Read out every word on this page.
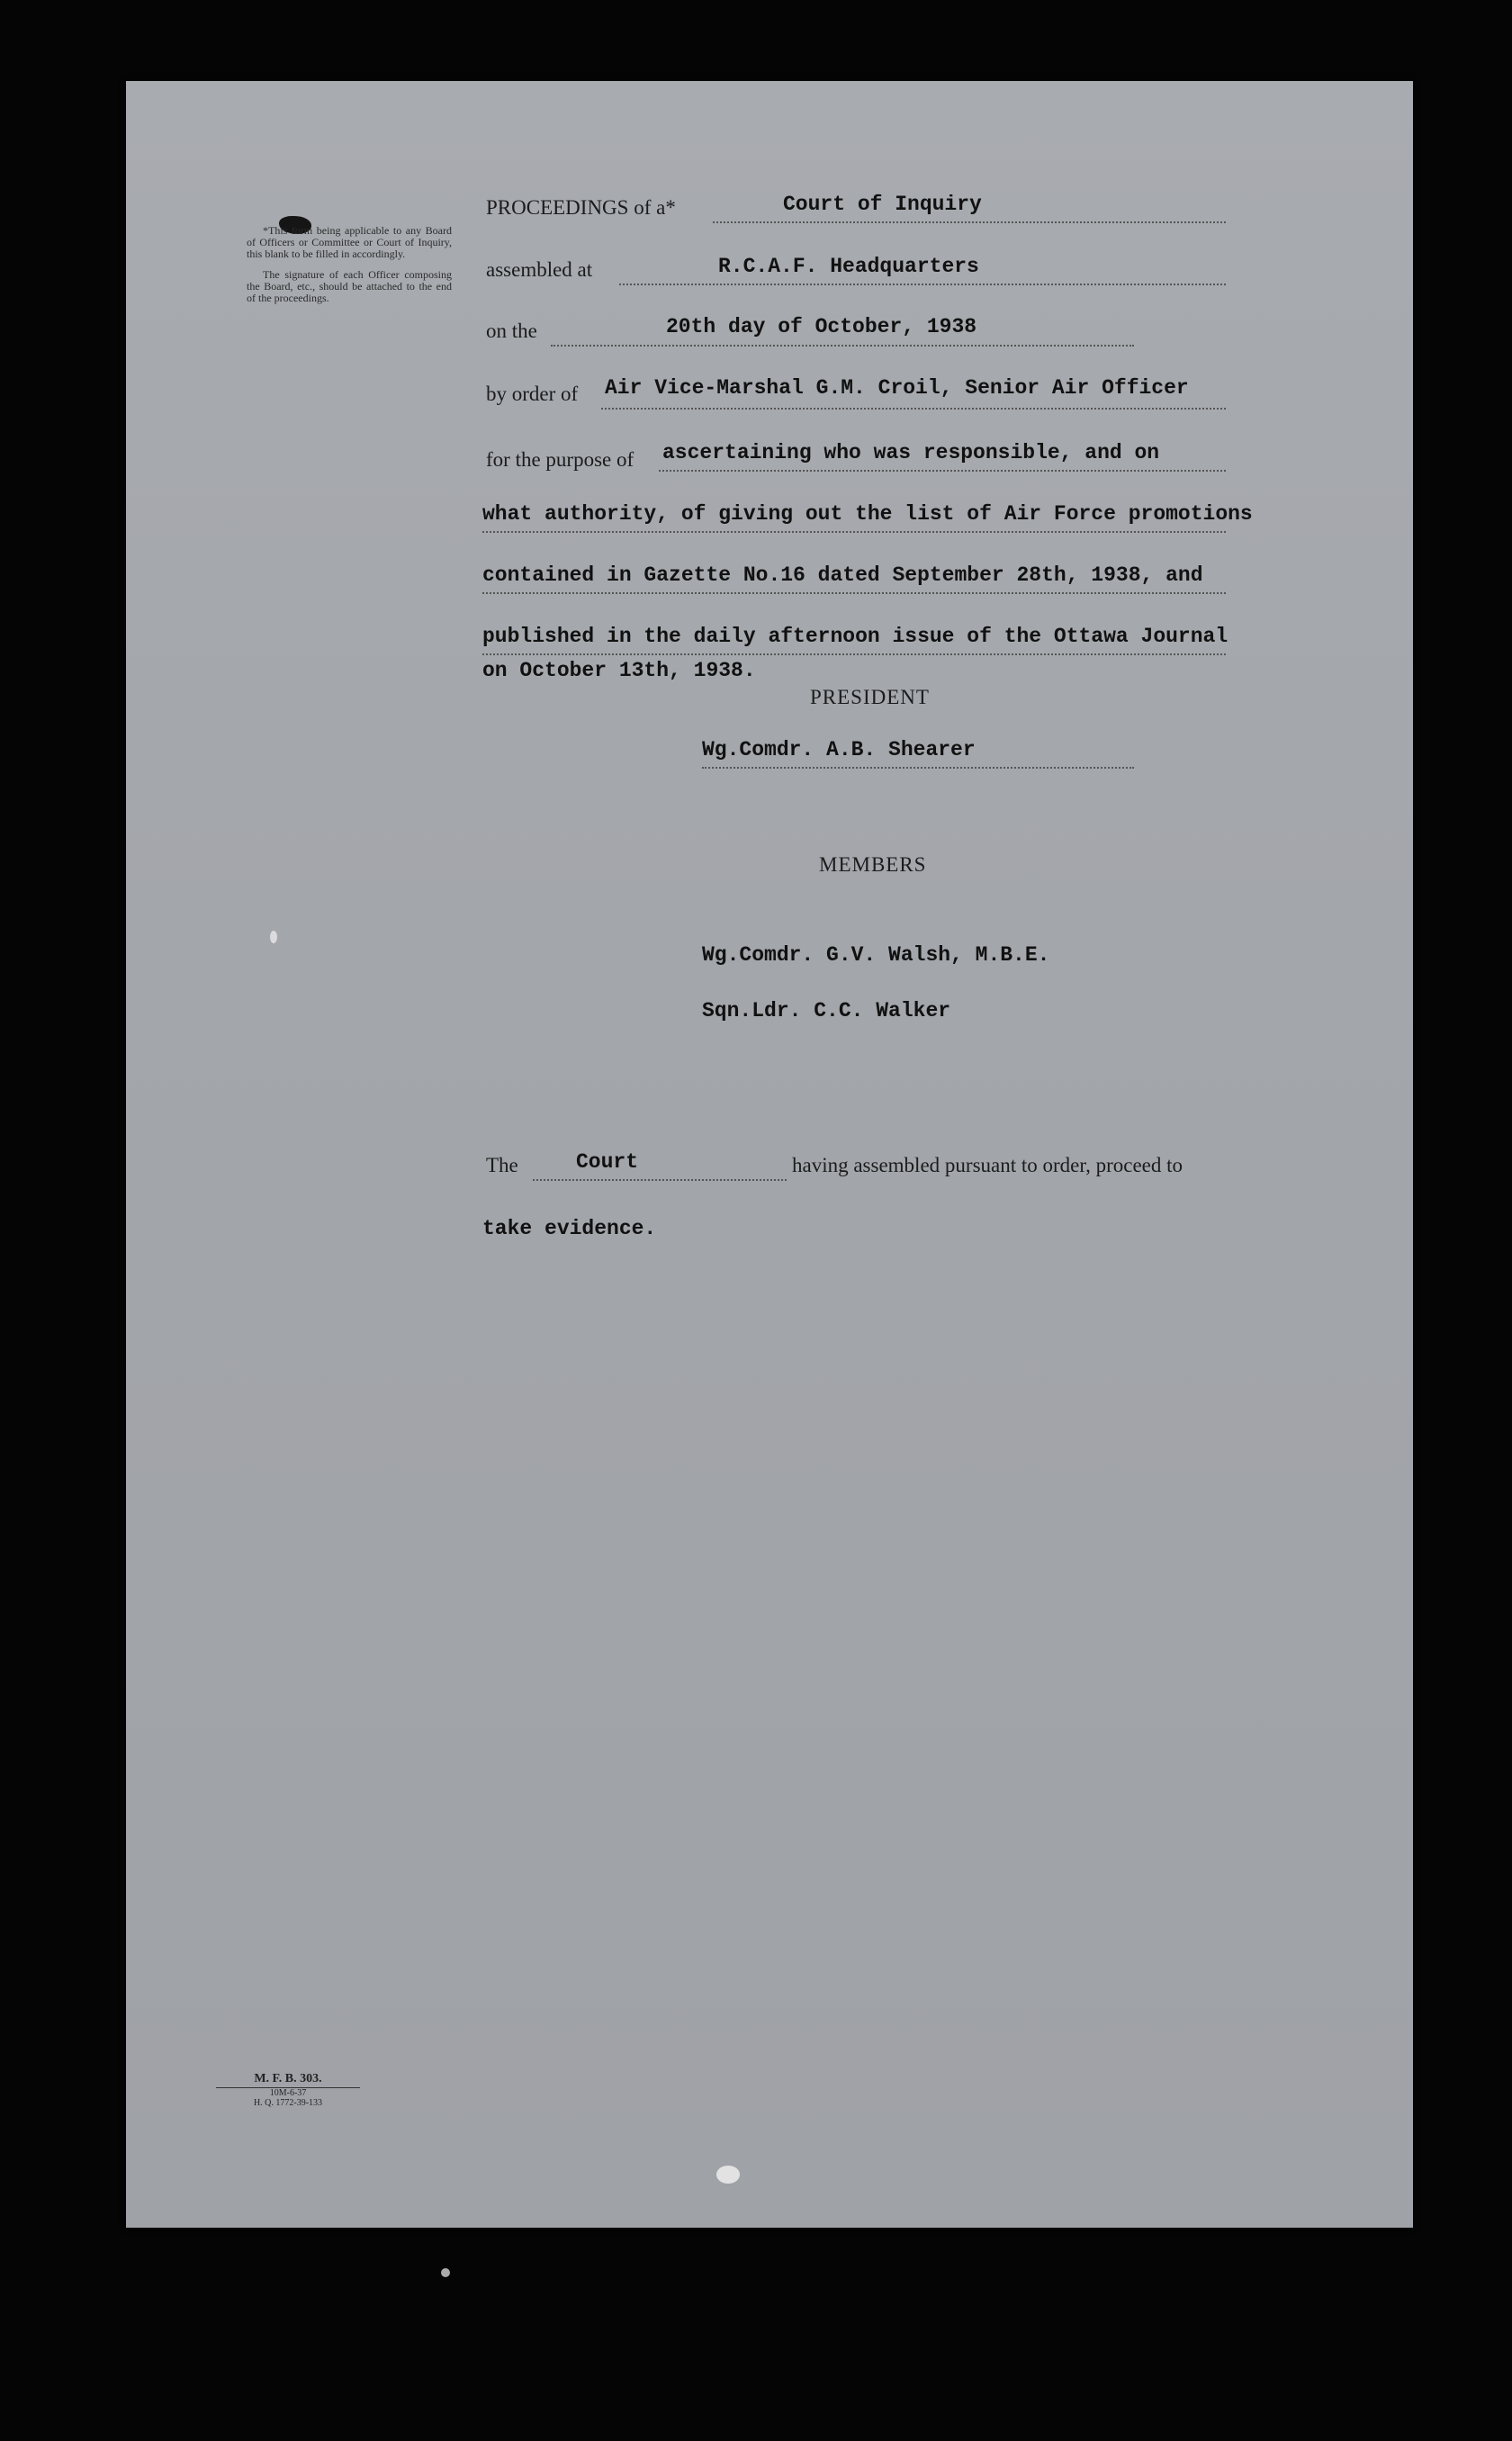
*This form being applicable to any Board of Officers or Committee or Court of Inquiry, this blank to be filled in accordingly.

The signature of each Officer composing the Board, etc., should be attached to the end of the proceedings.

PROCEEDINGS of a*	Court of Inquiry
assembled at	R.C.A.F. Headquarters
on the	20th day of October, 1938
by order of Air Vice-Marshal G.M. Croil, Senior Air Officer
for the purpose of ascertaining who was responsible, and on
what authority, of giving out the list of Air Force promotions
contained in Gazette No.16 dated September 28th, 1938, and
published in the daily afternoon issue of the Ottawa Journal
on October 13th, 1938.
PRESIDENT
Wg.Comdr. A.B. Shearer
MEMBERS
Wg.Comdr. G.V. Walsh, M.B.E.
Sqn.Ldr. C.C. Walker
The	Court	having assembled pursuant to order, proceed to
take evidence.
M. F. B. 303.
10M-6-37
H. Q. 1772-39-133
